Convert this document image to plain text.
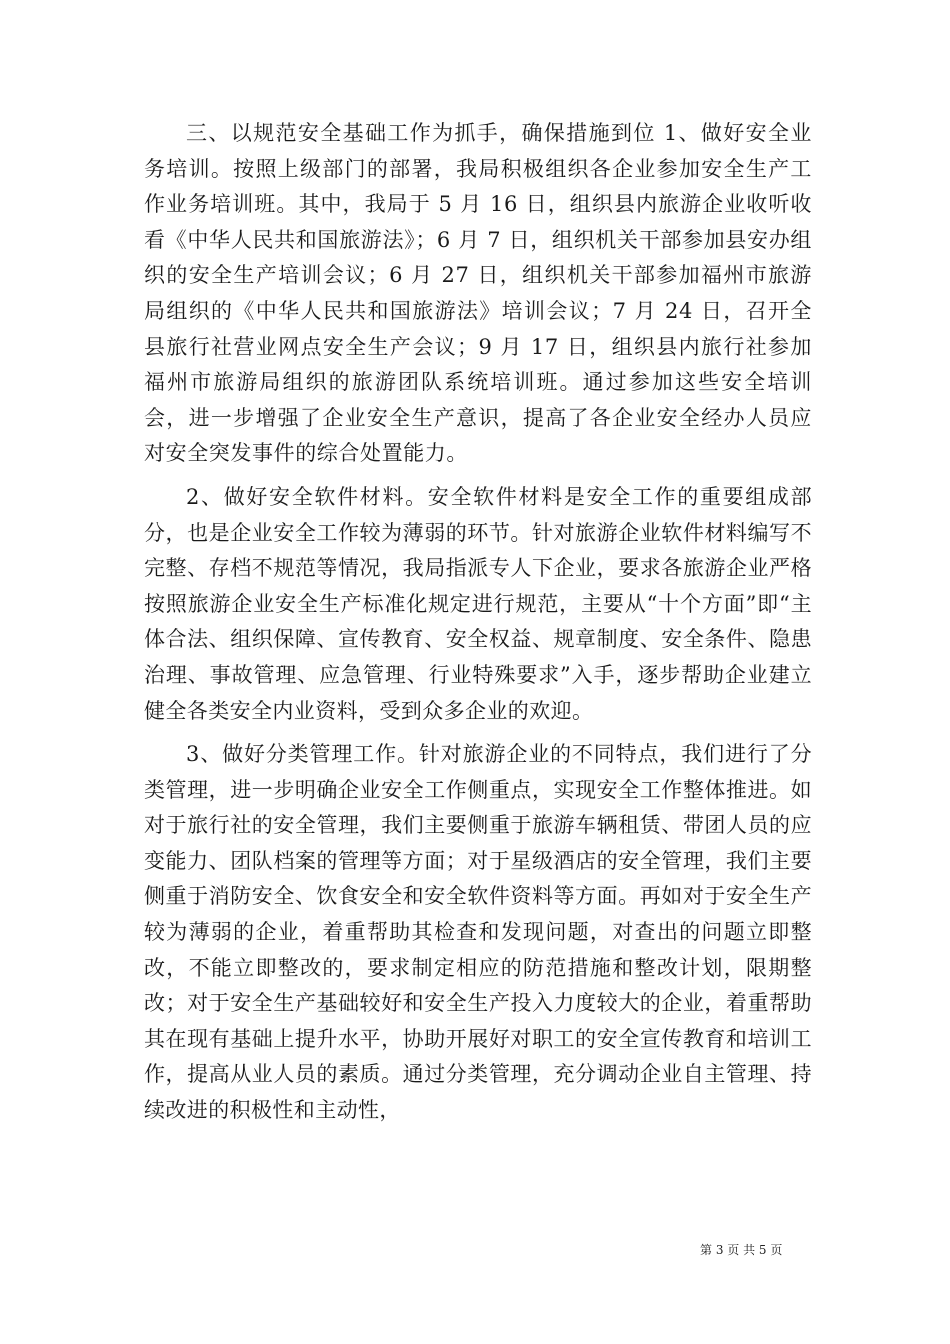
三、以规范安全基础工作为抓手，确保措施到位 1、做好安全业务培训。按照上级部门的部署，我局积极组织各企业参加安全生产工作业务培训班。其中，我局于 5 月 16 日，组织县内旅游企业收听收看《中华人民共和国旅游法》；6 月 7 日，组织机关干部参加县安办组织的安全生产培训会议；6 月 27 日，组织机关干部参加福州市旅游局组织的《中华人民共和国旅游法》培训会议；7 月 24 日，召开全县旅行社营业网点安全生产会议；9 月 17 日，组织县内旅行社参加福州市旅游局组织的旅游团队系统培训班。通过参加这些安全培训会，进一步增强了企业安全生产意识，提高了各企业安全经办人员应对安全突发事件的综合处置能力。

2、做好安全软件材料。安全软件材料是安全工作的重要组成部分，也是企业安全工作较为薄弱的环节。针对旅游企业软件材料编写不完整、存档不规范等情况，我局指派专人下企业，要求各旅游企业严格按照旅游企业安全生产标准化规定进行规范，主要从“十个方面”即“主体合法、组织保障、宣传教育、安全权益、规章制度、安全条件、隐患治理、事故管理、应急管理、行业特殊要求”入手，逐步帮助企业建立健全各类安全内业资料，受到众多企业的欢迎。

3、做好分类管理工作。针对旅游企业的不同特点，我们进行了分类管理，进一步明确企业安全工作侧重点，实现安全工作整体推进。如对于旅行社的安全管理，我们主要侧重于旅游车辆租赁、带团人员的应变能力、团队档案的管理等方面；对于星级酒店的安全管理，我们主要侧重于消防安全、饮食安全和安全软件资料等方面。再如对于安全生产较为薄弱的企业，着重帮助其检查和发现问题，对查出的问题立即整改，不能立即整改的，要求制定相应的防范措施和整改计划，限期整改；对于安全生产基础较好和安全生产投入力度较大的企业，着重帮助其在现有基础上提升水平，协助开展好对职工的安全宣传教育和培训工作，提高从业人员的素质。通过分类管理，充分调动企业自主管理、持续改进的积极性和主动性，

第 3 页 共 5 页
